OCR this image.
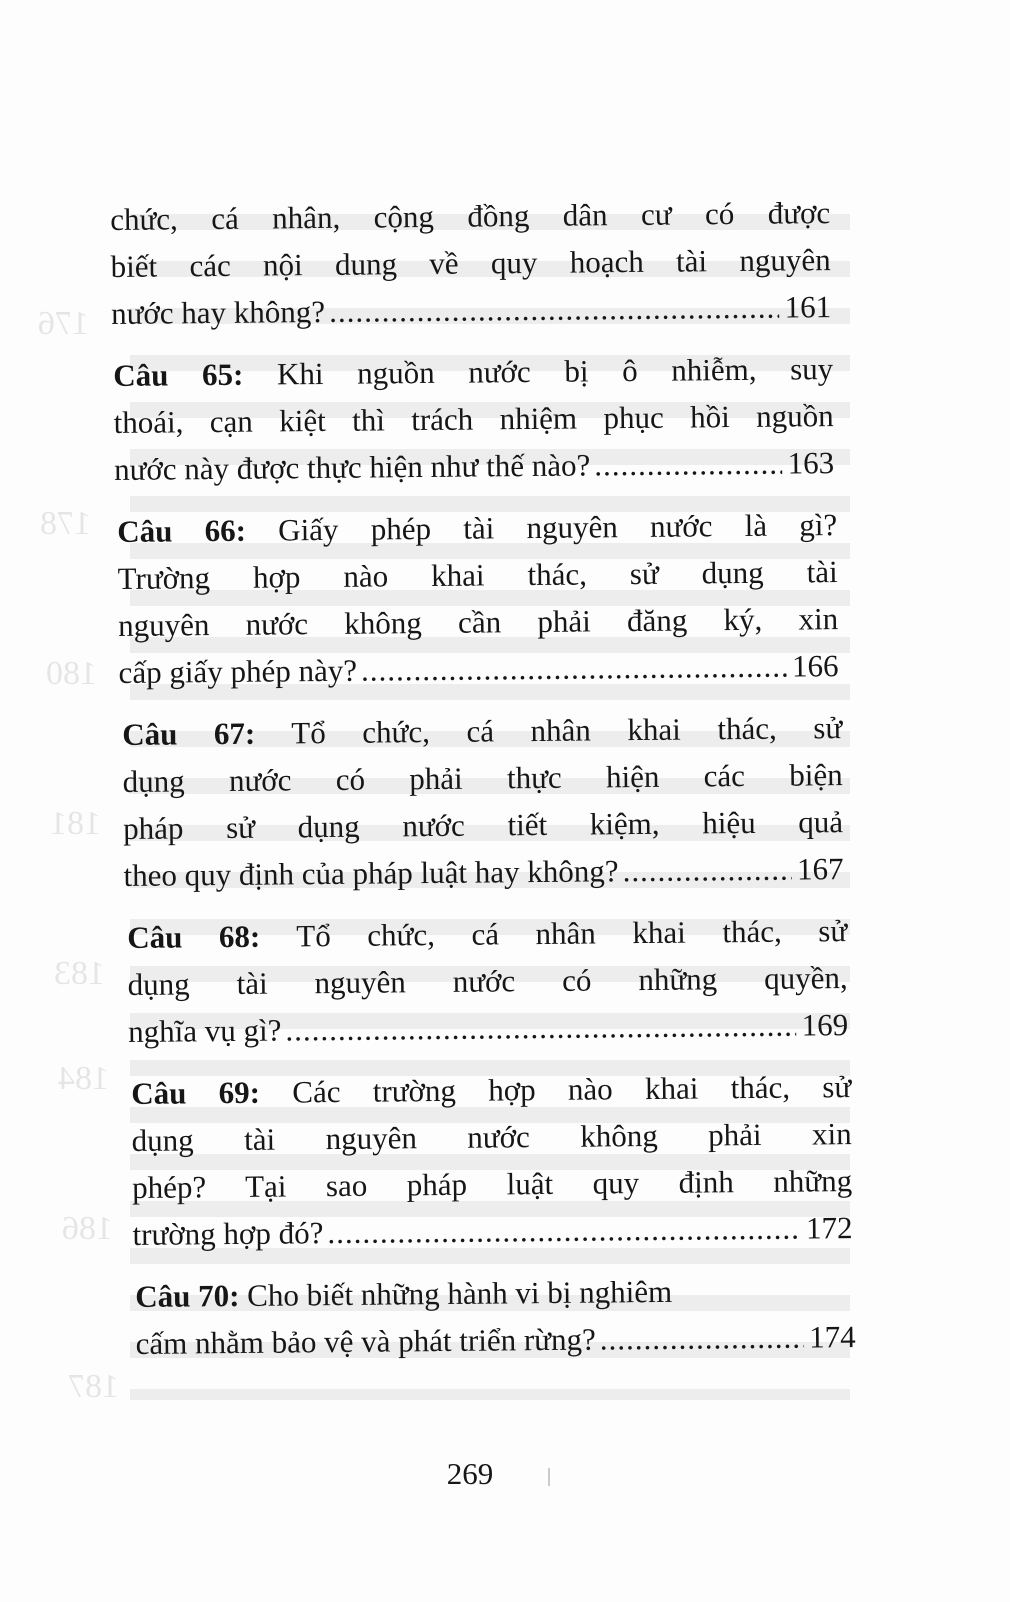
176
178
180
181
183
184
186
187
chức, cá nhân, cộng đồng dân cư có được
biết các nội dung về quy hoạch tài nguyên
nước hay không? .....	161
Câu 65: Khi nguồn nước bị ô nhiễm, suy
thoái, cạn kiệt thì trách nhiệm phục hồi nguồn
nước này được thực hiện như thế nào? .....	163
Câu 66: Giấy phép tài nguyên nước là gì?
Trường hợp nào khai thác, sử dụng tài
nguyên nước không cần phải đăng ký, xin
cấp giấy phép này? .....	166
Câu 67: Tổ chức, cá nhân khai thác, sử
dụng nước có phải thực hiện các biện
pháp sử dụng nước tiết kiệm, hiệu quả
theo quy định của pháp luật hay không? .....	167
Câu 68: Tổ chức, cá nhân khai thác, sử
dụng tài nguyên nước có những quyền,
nghĩa vụ gì? .....	169
Câu 69: Các trường hợp nào khai thác, sử
dụng tài nguyên nước không phải xin
phép? Tại sao pháp luật quy định những
trường hợp đó? .....	172
Câu 70: Cho biết những hành vi bị nghiêm
cấm nhằm bảo vệ và phát triển rừng? .....	174
269
